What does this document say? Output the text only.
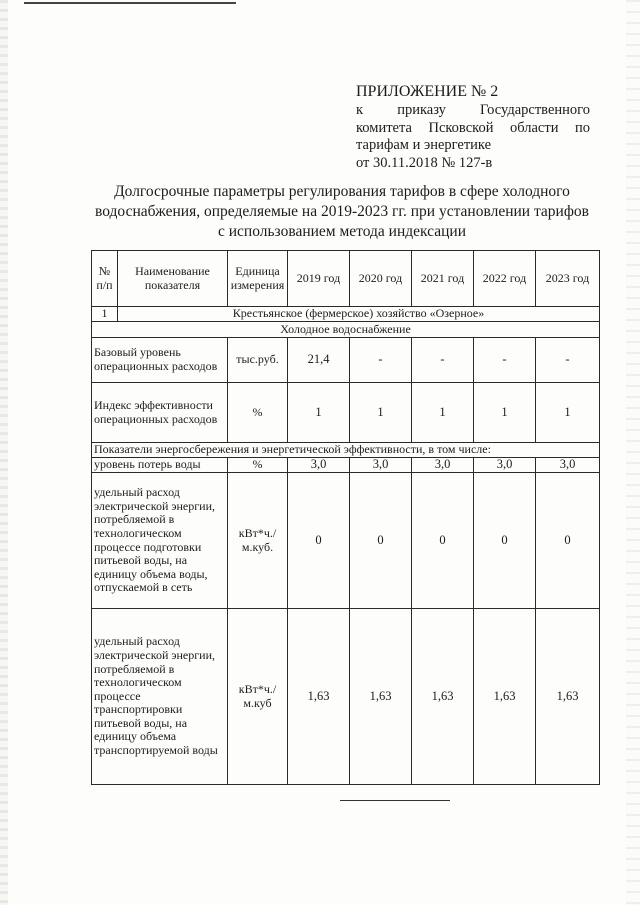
ПРИЛОЖЕНИЕ № 2
к приказу Государственного
комитета Псковской области по
тарифам и энергетике
от 30.11.2018 № 127-в
Долгосрочные параметры регулирования тарифов в сфере холодного водоснабжения, определяемые на 2019-2023 гг. при установлении тарифов с использованием метода индексации
№ п/п	Наименование показателя	Единица измерения	2019 год	2020 год	2021 год	2022 год	2023 год
1	Крестьянское (фермерское) хозяйство «Озерное»						
Холодное водоснабжение							
Базовый уровень операционных расходов		тыс.руб.	21,4	-	-	-	-
Индекс эффективности операционных расходов		%	1	1	1	1	1
Показатели энергосбережения и энергетической эффективности, в том числе:							
уровень потерь воды		%	3,0	3,0	3,0	3,0	3,0
удельный расход электрической энергии, потребляемой в технологическом процессе подготовки питьевой воды, на единицу объема воды, отпускаемой в сеть		кВт*ч./м.куб.	0	0	0	0	0
удельный расход электрической энергии, потребляемой в технологическом процессе транспортировки питьевой воды, на единицу объема транспортируемой воды		кВт*ч./м.куб	1,63	1,63	1,63	1,63	1,63
